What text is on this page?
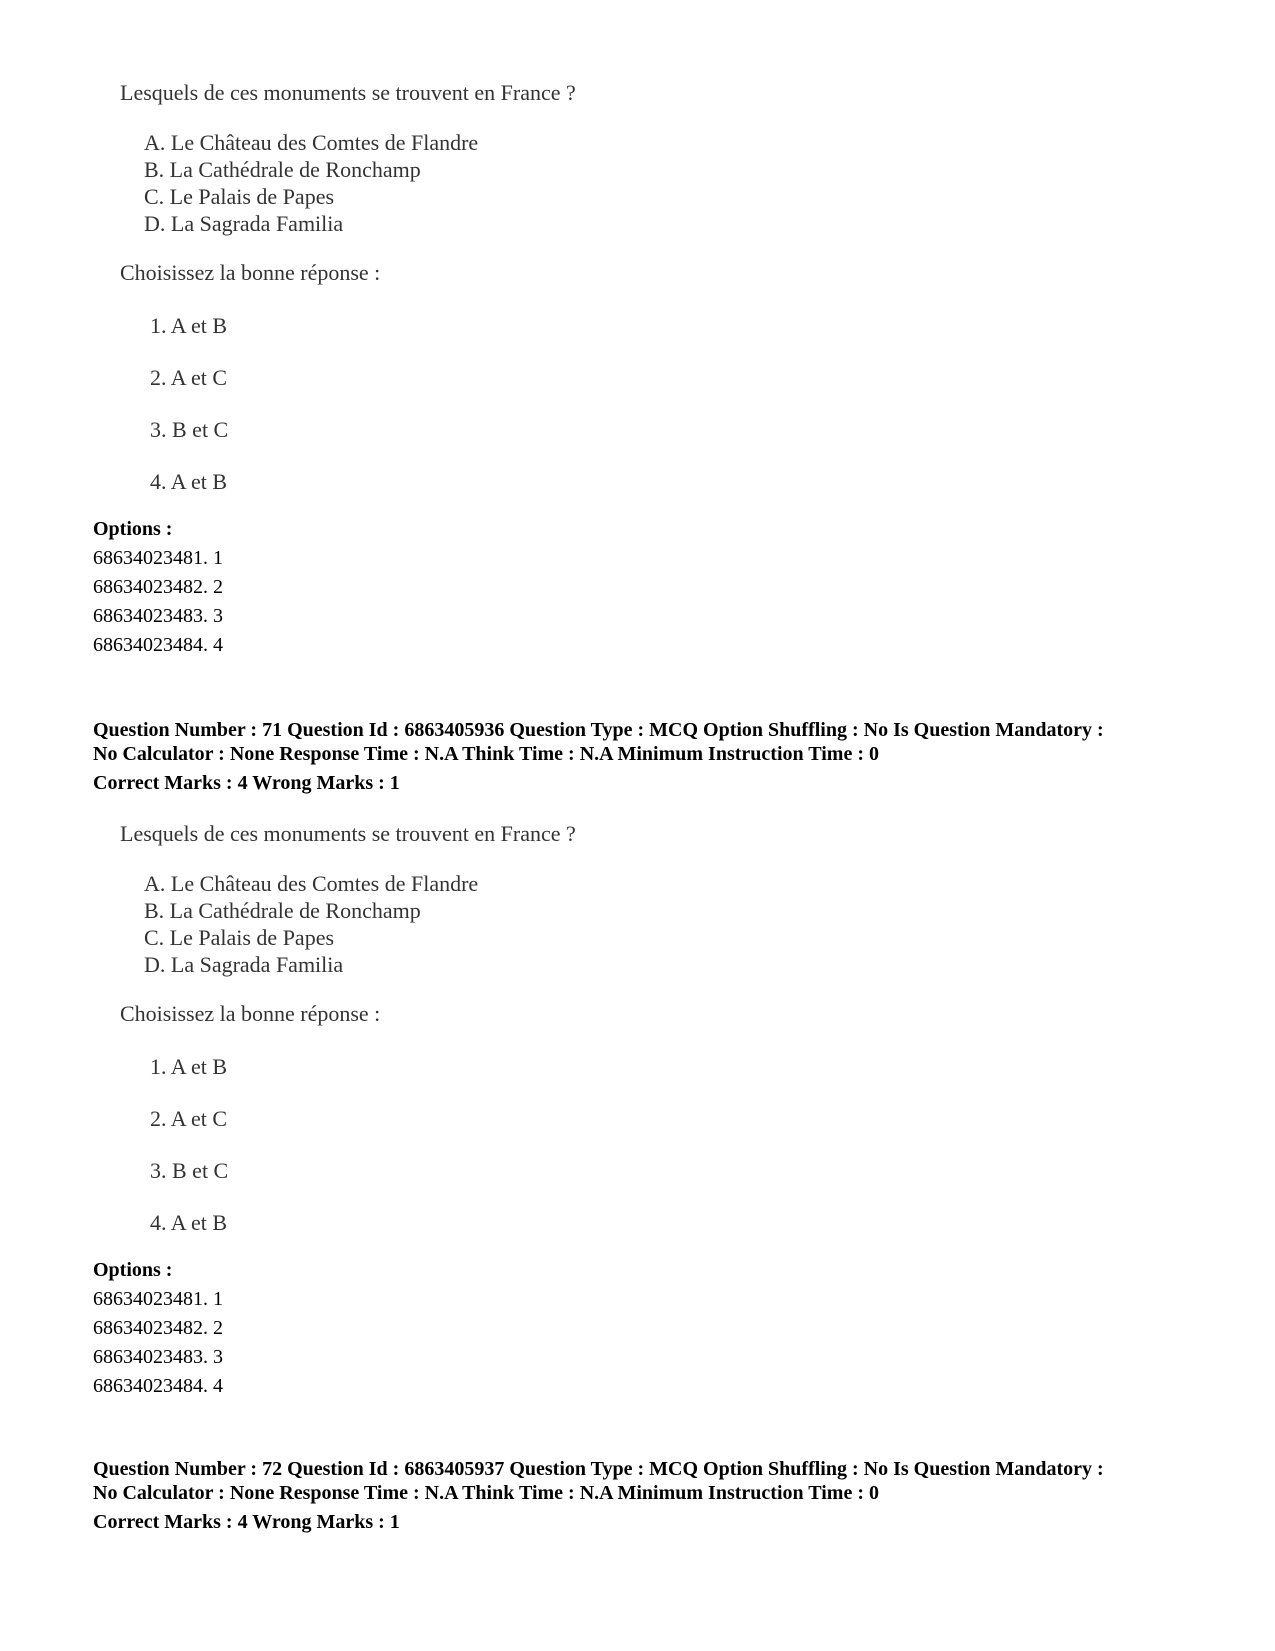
Lesquels de ces monuments se trouvent en France ?
A. Le Château des Comtes de Flandre
B. La Cathédrale de Ronchamp
C. Le Palais de Papes
D. La Sagrada Familia
Choisissez la bonne réponse :
1. A et B
2. A et C
3. B et C
4. A et B
Options :
68634023481. 1
68634023482. 2
68634023483. 3
68634023484. 4
Question Number : 71 Question Id : 6863405936 Question Type : MCQ Option Shuffling : No Is Question Mandatory :
No Calculator : None Response Time : N.A Think Time : N.A Minimum Instruction Time : 0
Correct Marks : 4 Wrong Marks : 1
Lesquels de ces monuments se trouvent en France ?
A. Le Château des Comtes de Flandre
B. La Cathédrale de Ronchamp
C. Le Palais de Papes
D. La Sagrada Familia
Choisissez la bonne réponse :
1. A et B
2. A et C
3. B et C
4. A et B
Options :
68634023481. 1
68634023482. 2
68634023483. 3
68634023484. 4
Question Number : 72 Question Id : 6863405937 Question Type : MCQ Option Shuffling : No Is Question Mandatory :
No Calculator : None Response Time : N.A Think Time : N.A Minimum Instruction Time : 0
Correct Marks : 4 Wrong Marks : 1
